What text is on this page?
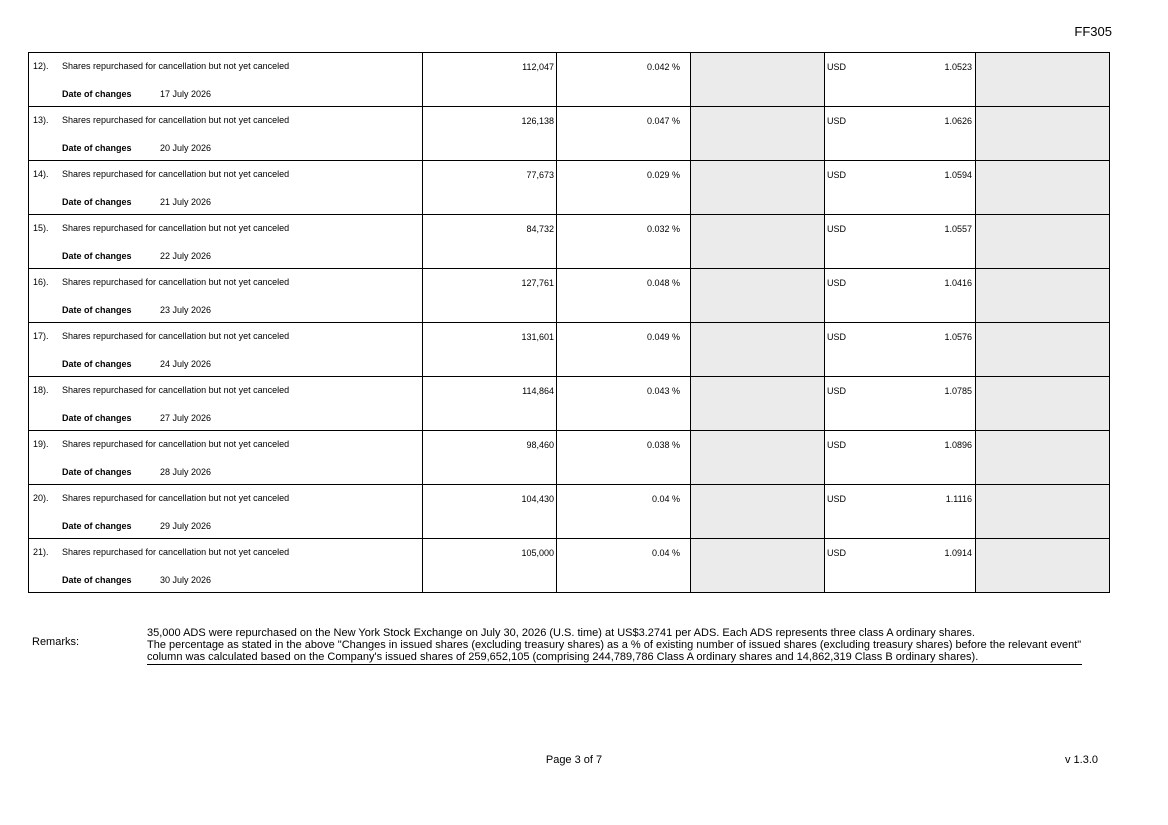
FF305
12). Shares repurchased for cancellation but not yet canceled
Date of changes 17 July 2026	112,047	0.042 %		USD 1.0523	

13). Shares repurchased for cancellation but not yet canceled
Date of changes 20 July 2026	126,138	0.047 %		USD 1.0626	

14). Shares repurchased for cancellation but not yet canceled
Date of changes 21 July 2026	77,673	0.029 %		USD 1.0594	

15). Shares repurchased for cancellation but not yet canceled
Date of changes 22 July 2026	84,732	0.032 %		USD 1.0557	

16). Shares repurchased for cancellation but not yet canceled
Date of changes 23 July 2026	127,761	0.048 %		USD 1.0416	

17). Shares repurchased for cancellation but not yet canceled
Date of changes 24 July 2026	131,601	0.049 %		USD 1.0576	

18). Shares repurchased for cancellation but not yet canceled
Date of changes 27 July 2026	114,864	0.043 %		USD 1.0785	

19). Shares repurchased for cancellation but not yet canceled
Date of changes 28 July 2026	98,460	0.038 %		USD 1.0896	

20). Shares repurchased for cancellation but not yet canceled
Date of changes 29 July 2026	104,430	0.04 %		USD 1.1116	

21). Shares repurchased for cancellation but not yet canceled
Date of changes 30 July 2026	105,000	0.04 %		USD 1.0914	

Remarks:

35,000 ADS were repurchased on the New York Stock Exchange on July 30, 2026 (U.S. time) at US$3.2741 per ADS. Each ADS represents three class A ordinary shares.

The percentage as stated in the above "Changes in issued shares (excluding treasury shares) as a % of existing number of issued shares (excluding treasury shares) before the relevant event" column was calculated based on the Company's issued shares of 259,652,105 (comprising 244,789,786 Class A ordinary shares and 14,862,319 Class B ordinary shares).

Page 3 of 7	v 1.3.0
